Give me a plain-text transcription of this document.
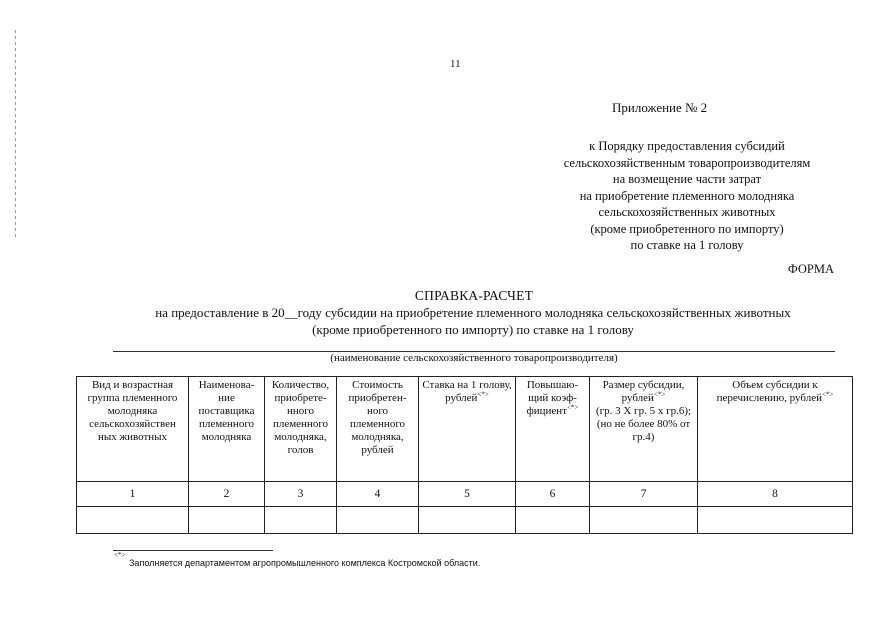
11
Приложение № 2
к Порядку предоставления субсидий
сельскохозяйственным товаропроизводителям
на возмещение части затрат
на приобретение племенного молодняка
сельскохозяйственных животных
(кроме приобретенного по импорту)
по ставке на 1 голову
ФОРМА
СПРАВКА-РАСЧЕТ
на предоставление в 20__году субсидии на приобретение племенного молодняка сельскохозяйственных животных
(кроме приобретенного по импорту) по ставке на 1 голову
(наименование сельскохозяйственного товаропроизводителя)
Вид и возрастная группа племенного молодняка сельскохозяйствен ных животных	Наименова- ние поставщика племенного молодняка	Количество, приобрете- нного племенного молодняка, голов	Стоимость приобретен- ного племенного молодняка, рублей	Ставка на 1 голову, рублей<*>	Повышаю- щий коэф- фициент<*>	Размер субсидии, рублей<*>
(гр. 3 Х гр. 5 х гр.6);
(но не более 80% от гр.4)	Объем субсидии к перечислению, рублей<*>
1	2	3	4	5	6	7	8

<*>
Заполняется департаментом агропромышленного комплекса Костромской области.
